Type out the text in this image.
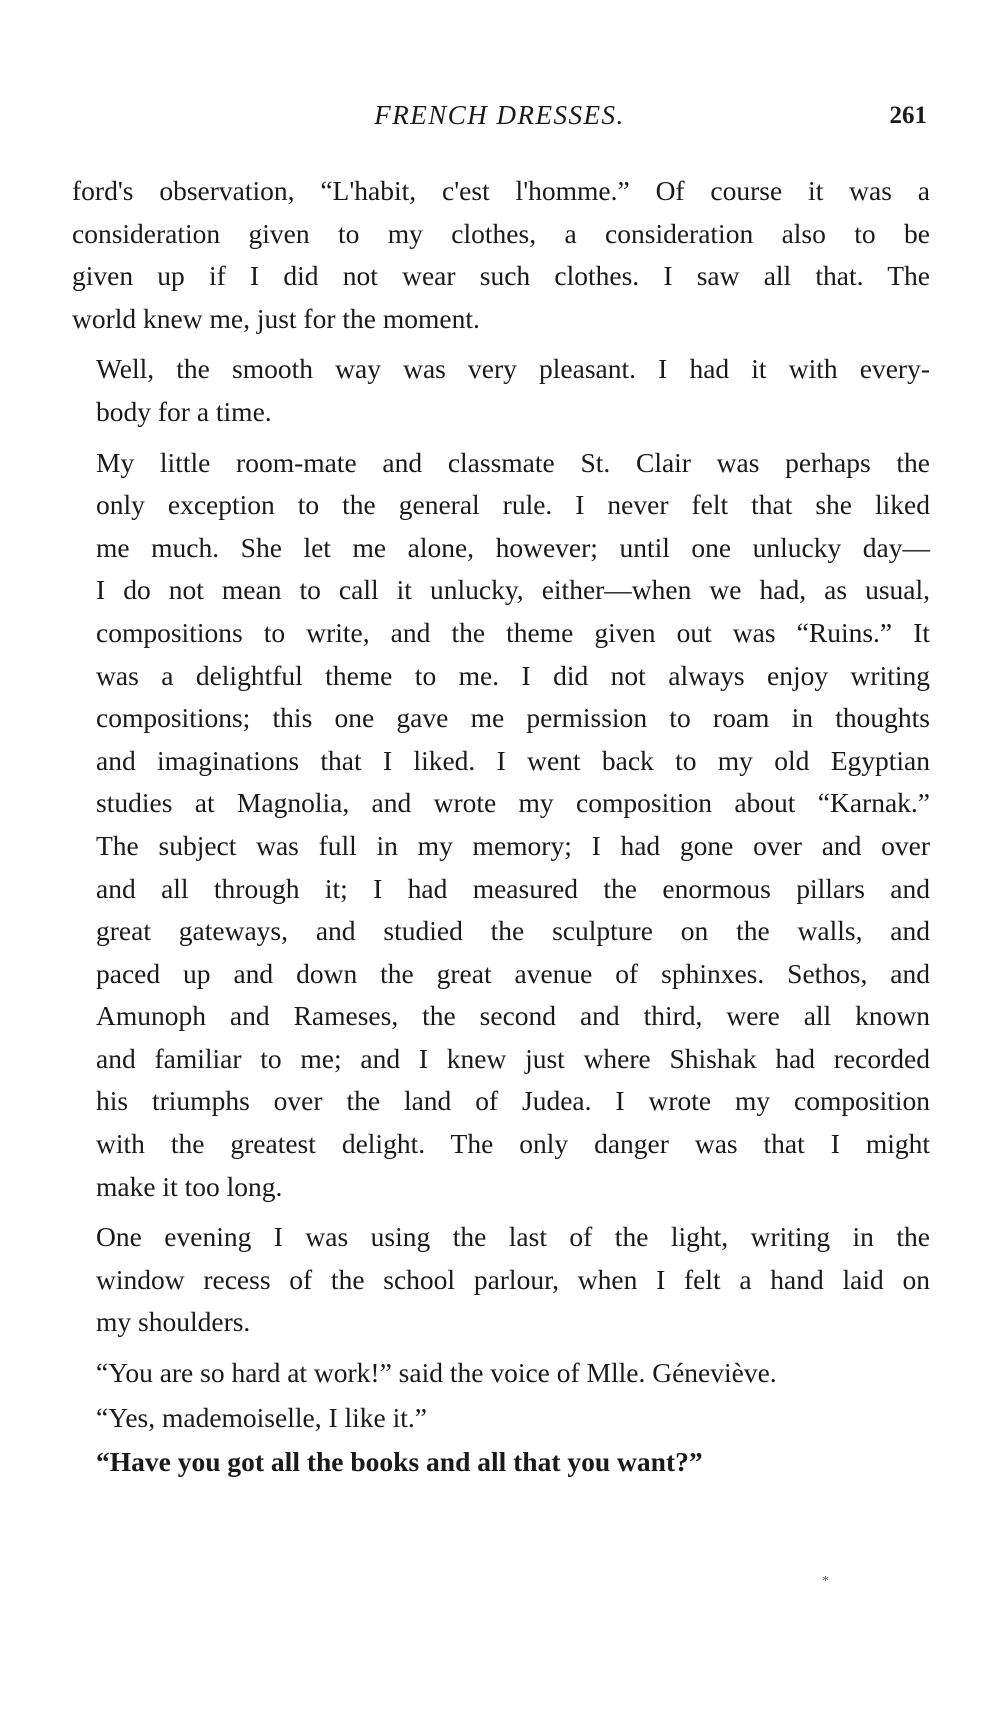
FRENCH DRESSES.	261

ford's observation, “L'habit, c'est l'homme.” Of course it was a
consideration given to my clothes, a consideration also to be
given up if I did not wear such clothes. I saw all that. The
world knew me, just for the moment.

Well, the smooth way was very pleasant. I had it with every-
body for a time.

My little room-mate and classmate St. Clair was perhaps the
only exception to the general rule. I never felt that she liked
me much. She let me alone, however; until one unlucky day—
I do not mean to call it unlucky, either—when we had, as usual,
compositions to write, and the theme given out was “Ruins.” It
was a delightful theme to me. I did not always enjoy writing
compositions; this one gave me permission to roam in thoughts
and imaginations that I liked. I went back to my old Egyptian
studies at Magnolia, and wrote my composition about “Karnak.”
The subject was full in my memory; I had gone over and over
and all through it; I had measured the enormous pillars and
great gateways, and studied the sculpture on the walls, and
paced up and down the great avenue of sphinxes. Sethos, and
Amunoph and Rameses, the second and third, were all known
and familiar to me; and I knew just where Shishak had recorded
his triumphs over the land of Judea. I wrote my composition
with the greatest delight. The only danger was that I might
make it too long.

One evening I was using the last of the light, writing in the
window recess of the school parlour, when I felt a hand laid on
my shoulders.

“You are so hard at work!” said the voice of Mlle. Géneviève.

“Yes, mademoiselle, I like it.”

“Have you got all the books and all that you want?”

*
